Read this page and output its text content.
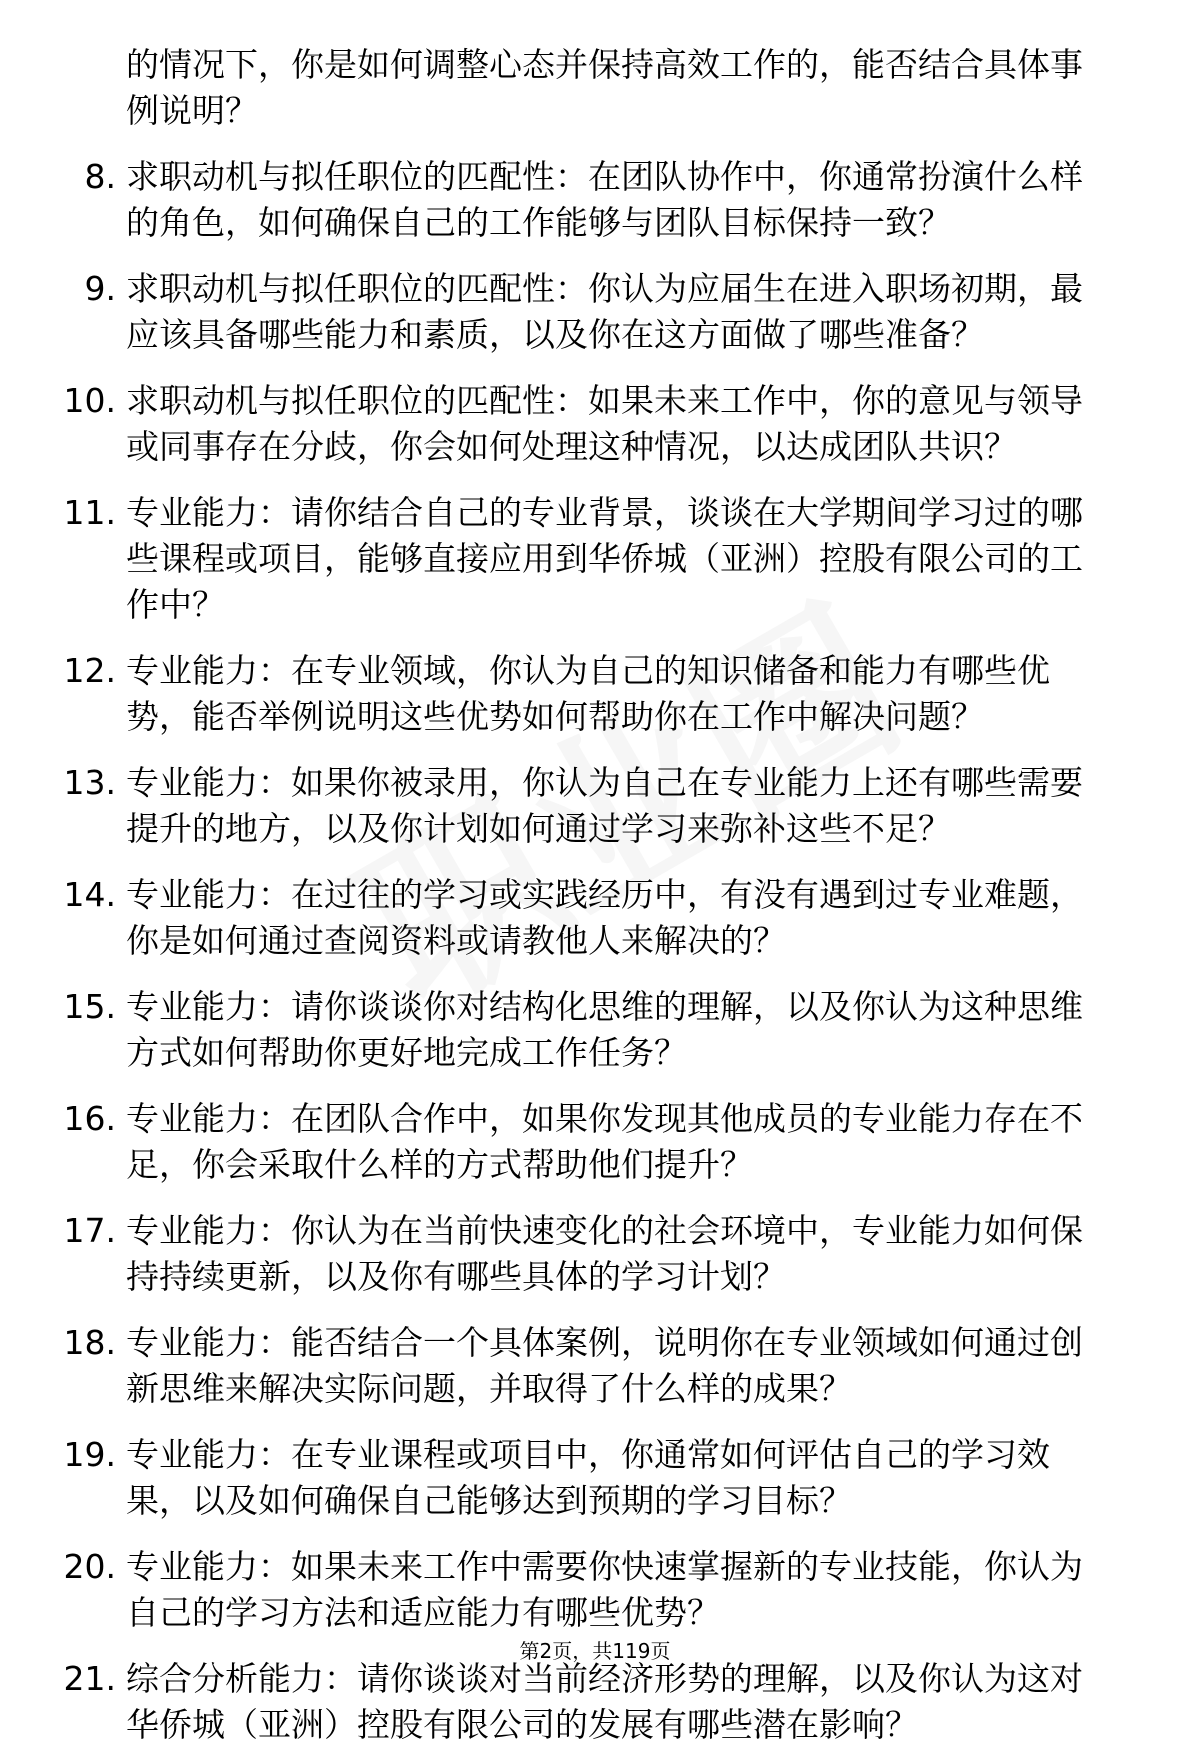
的情况下，你是如何调整心态并保持高效工作的，能否结合具体事例说明？
8. 求职动机与拟任职位的匹配性：在团队协作中，你通常扮演什么样的角色，如何确保自己的工作能够与团队目标保持一致？
9. 求职动机与拟任职位的匹配性：你认为应届生在进入职场初期，最应该具备哪些能力和素质，以及你在这方面做了哪些准备？
10. 求职动机与拟任职位的匹配性：如果未来工作中，你的意见与领导或同事存在分歧，你会如何处理这种情况，以达成团队共识？
11. 专业能力：请你结合自己的专业背景，谈谈在大学期间学习过的哪些课程或项目，能够直接应用到华侨城（亚洲）控股有限公司的工作中？
12. 专业能力：在专业领域，你认为自己的知识储备和能力有哪些优势，能否举例说明这些优势如何帮助你在工作中解决问题？
13. 专业能力：如果你被录用，你认为自己在专业能力上还有哪些需要提升的地方，以及你计划如何通过学习来弥补这些不足？
14. 专业能力：在过往的学习或实践经历中，有没有遇到过专业难题，你是如何通过查阅资料或请教他人来解决的？
15. 专业能力：请你谈谈你对结构化思维的理解，以及你认为这种思维方式如何帮助你更好地完成工作任务？
16. 专业能力：在团队合作中，如果你发现其他成员的专业能力存在不足，你会采取什么样的方式帮助他们提升？
17. 专业能力：你认为在当前快速变化的社会环境中，专业能力如何保持持续更新，以及你有哪些具体的学习计划？
18. 专业能力：能否结合一个具体案例，说明你在专业领域如何通过创新思维来解决实际问题，并取得了什么样的成果？
19. 专业能力：在专业课程或项目中，你通常如何评估自己的学习效果，以及如何确保自己能够达到预期的学习目标？
20. 专业能力：如果未来工作中需要你快速掌握新的专业技能，你认为自己的学习方法和适应能力有哪些优势？
21. 综合分析能力：请你谈谈对当前经济形势的理解，以及你认为这对华侨城（亚洲）控股有限公司的发展有哪些潜在影响？
第2页，共119页
